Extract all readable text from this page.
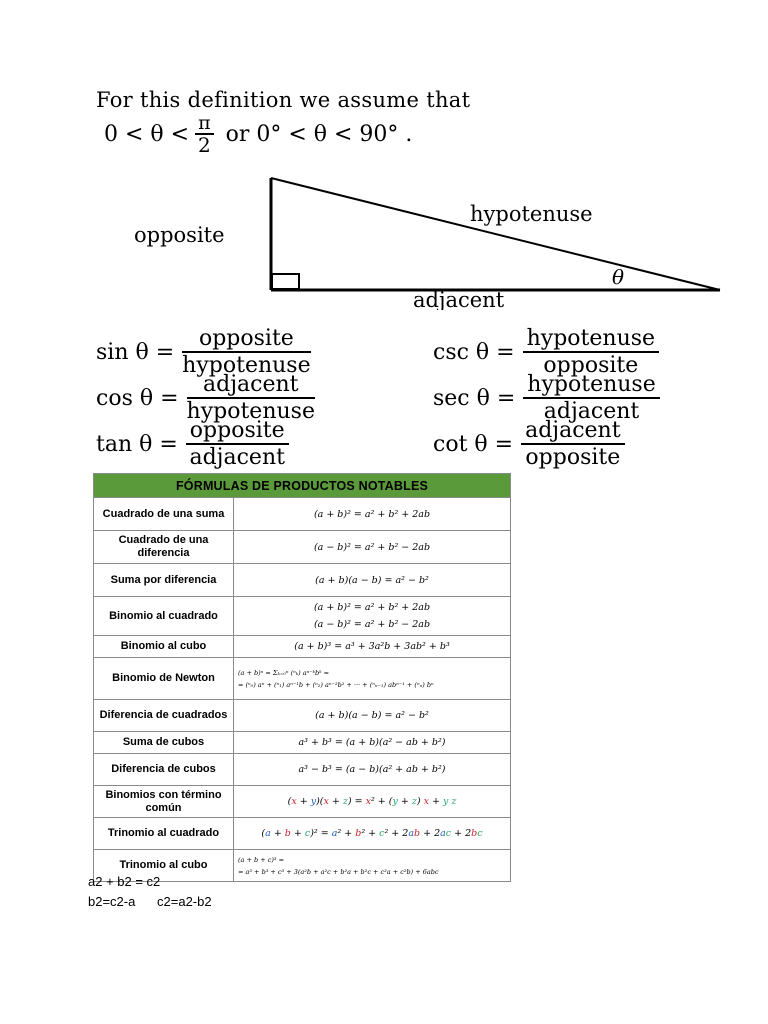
For this definition we assume that
$0 < \theta < \frac{\pi}{2}$ or 0° < θ < 90° .
opposite
hypotenuse
adjacent
θ
$\sin \theta = \frac{\text{opposite}}{\text{hypotenuse}}$
$\cos \theta = \frac{\text{adjacent}}{\text{hypotenuse}}$
$\tan \theta = \frac{\text{opposite}}{\text{adjacent}}$
$\csc \theta = \frac{\text{hypotenuse}}{\text{opposite}}$
$\sec \theta = \frac{\text{hypotenuse}}{\text{adjacent}}$
$\cot \theta = \frac{\text{adjacent}}{\text{opposite}}$
FÓRMULAS DE PRODUCTOS NOTABLES	
Cuadrado de una suma	(a + b)² = a² + b² + 2ab

Cuadrado de una diferencia	(a − b)² = a² + b² − 2ab

Suma por diferencia	(a + b)(a − b) = a² − b²

Binomio al cuadrado	(a + b)² = a² + b² + 2ab
(a − b)² = a² + b² − 2ab

Binomio al cubo	(a + b)³ = a³ + 3a²b + 3ab² + b³

Binomio de Newton	(a + b)ⁿ = Σₖ₌₀ⁿ (ⁿₖ) aⁿ⁻ᵏbᵏ =
= (ⁿ₀) aⁿ + (ⁿ₁) aⁿ⁻¹b + (ⁿ₂) aⁿ⁻²b² + ··· + (ⁿₙ₋₁) abⁿ⁻¹ + (ⁿₙ) bⁿ

Diferencia de cuadrados	(a + b)(a − b) = a² − b²

Suma de cubos	a³ + b³ = (a + b)(a² − ab + b²)

Diferencia de cubos	a³ − b³ = (a − b)(a² + ab + b²)

Binomios con término común	(x + y)(x + z) = x² + (y + z) x + y z

Trinomio al cuadrado	(a + b + c)² = a² + b² + c² + 2ab + 2ac + 2bc

Trinomio al cubo	(a + b + c)³ =
= a³ + b³ + c³ + 3(a²b + a²c + b²a + b²c + c²a + c²b) + 6abc
a2 + b2 = c2
b2=c2-a      c2=a2-b2
